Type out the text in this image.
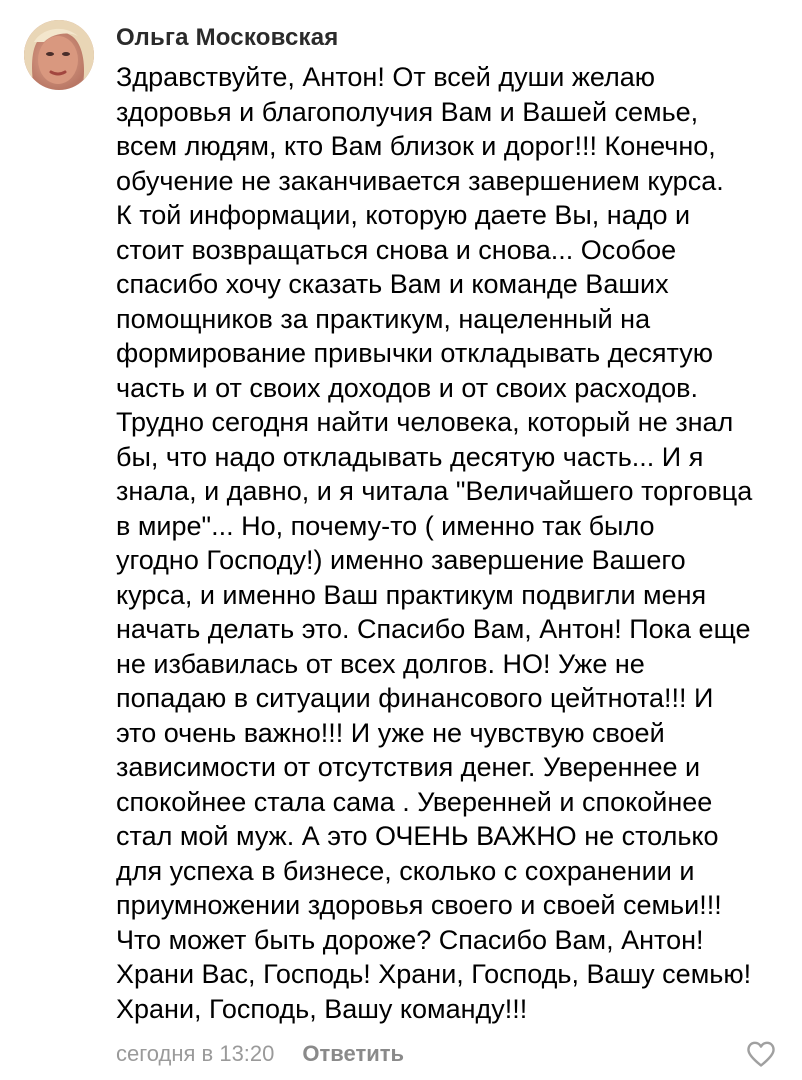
Ольга Московская
Здравствуйте, Антон! От всей души желаю
здоровья и благополучия Вам и Вашей семье,
всем людям, кто Вам близок и дорог!!! Конечно,
обучение не заканчивается завершением курса.
К той информации, которую даете Вы, надо и
стоит возвращаться снова и снова... Особое
спасибо хочу сказать Вам и команде Ваших
помощников за практикум, нацеленный на
формирование привычки откладывать десятую
часть и от своих доходов и от своих расходов.
Трудно сегодня найти человека, который не знал
бы, что надо откладывать десятую часть... И я
знала, и давно, и я читала "Величайшего торговца
в мире"... Но, почему-то ( именно так было
угодно Господу!) именно завершение Вашего
курса, и именно Ваш практикум подвигли меня
начать делать это. Спасибо Вам, Антон! Пока еще
не избавилась от всех долгов. НО! Уже не
попадаю в ситуации финансового цейтнота!!! И
это очень важно!!! И уже не чувствую своей
зависимости от отсутствия денег. Увереннее и
спокойнее стала сама . Уверенней и спокойнее
стал мой муж. А это ОЧЕНЬ ВАЖНО не столько
для успеха в бизнесе, сколько с сохранении и
приумножении здоровья своего и своей семьи!!!
Что может быть дороже? Спасибо Вам, Антон!
Храни Вас, Господь! Храни, Господь, Вашу семью!
Храни, Господь, Вашу команду!!!
сегодня в 13:20 Ответить
